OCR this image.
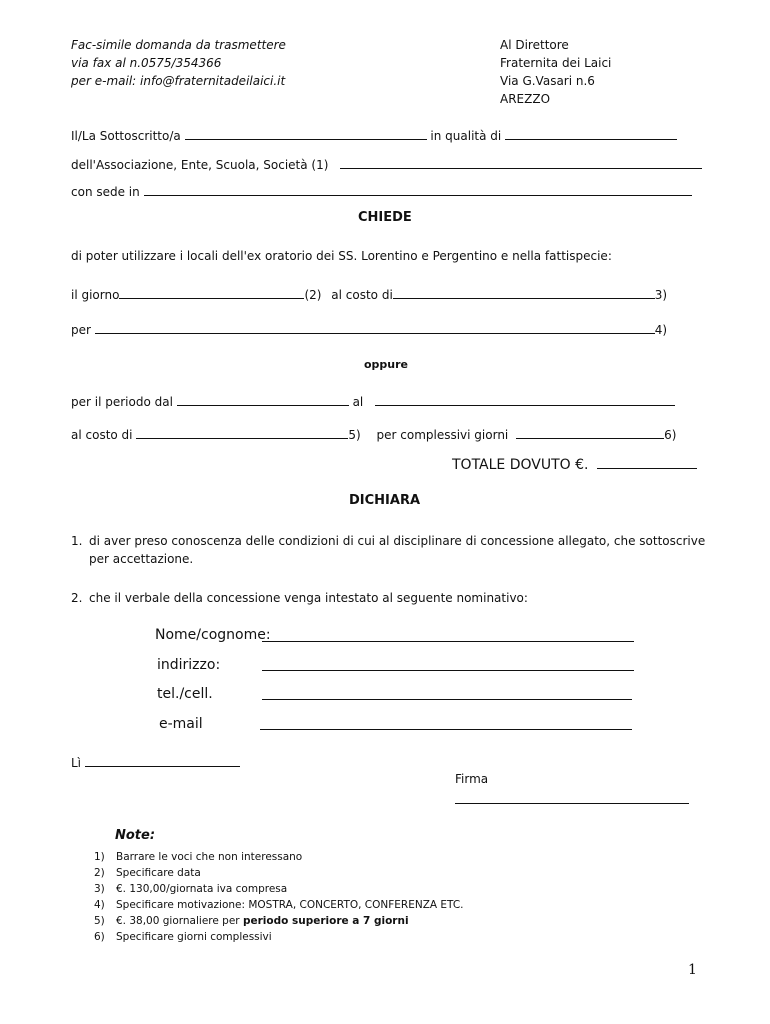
Fac-simile domanda da trasmettere
via fax al n.0575/354366
per e-mail: info@fraternitadeilaici.it
Al Direttore
Fraternita dei Laici
Via G.Vasari n.6
AREZZO
Il/La Sottoscritto/a	in qualità di
dell'Associazione, Ente, Scuola, Società (1)
con sede in
CHIEDE
di poter utilizzare i locali dell'ex oratorio dei SS. Lorentino e Pergentino e nella fattispecie:
il giorno	(2) al costo di	3)
per	4)
oppure
per il periodo dal	al
al costo di	5) per complessivi giorni	6)
TOTALE DOVUTO €.
DICHIARA
1. di aver preso conoscenza delle condizioni di cui al disciplinare di concessione allegato, che sottoscrive
per accettazione.
2. che il verbale della concessione venga intestato al seguente nominativo:
Nome/cognome:
indirizzo:
tel./cell.
e-mail
Lì
Firma
Note:
1) Barrare le voci che non interessano
2) Specificare data
3) €. 130,00/giornata iva compresa
4) Specificare motivazione: MOSTRA, CONCERTO, CONFERENZA ETC.
5) €. 38,00 giornaliere per periodo superiore a 7 giorni
6) Specificare giorni complessivi
1
